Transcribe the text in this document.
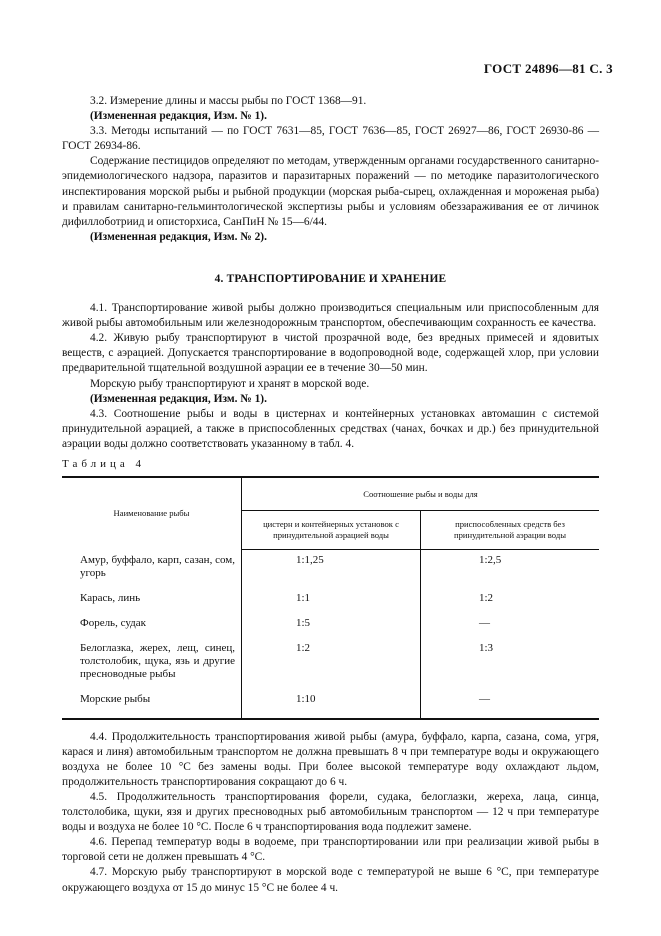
ГОСТ 24896—81 С. 3

3.2. Измерение длины и массы рыбы по ГОСТ 1368—91.

(Измененная редакция, Изм. № 1).

3.3. Методы испытаний — по ГОСТ 7631—85, ГОСТ 7636—85, ГОСТ 26927—86, ГОСТ 26930-86 — ГОСТ 26934-86.

Содержание пестицидов определяют по методам, утвержденным органами государственного санитарно-эпидемиологического надзора, паразитов и паразитарных поражений — по методике паразитологического инспектирования морской рыбы и рыбной продукции (морская рыба-сырец, охлажденная и мороженая рыба) и правилам санитарно-гельминтологической экспертизы рыбы и условиям обеззараживания ее от личинок дифиллоботриид и описторхиса, СанПиН № 15—6/44.

(Измененная редакция, Изм. № 2).

4. ТРАНСПОРТИРОВАНИЕ И ХРАНЕНИЕ

4.1. Транспортирование живой рыбы должно производиться специальным или приспособленным для живой рыбы автомобильным или железнодорожным транспортом, обеспечивающим сохранность ее качества.

4.2. Живую рыбу транспортируют в чистой прозрачной воде, без вредных примесей и ядовитых веществ, с аэрацией. Допускается транспортирование в водопроводной воде, содержащей хлор, при условии предварительной тщательной воздушной аэрации ее в течение 30—50 мин.

Морскую рыбу транспортируют и хранят в морской воде.

(Измененная редакция, Изм. № 1).

4.3. Соотношение рыбы и воды в цистернах и контейнерных установках автомашин с системой принудительной аэрацией, а также в приспособленных средствах (чанах, бочках и др.) без принудительной аэрации воды должно соответствовать указанному в табл. 4.

Таблица 4

Наименование рыбы	Соотношение рыбы и воды для	
	цистерн и контейнерных установок с принудительной аэрацией воды	приспособленных средств без принудительной аэрации воды
Амур, буффало, карп, сазан, сом, угорь	1:1,25	1:2,5
Карась, линь	1:1	1:2
Форель, судак	1:5	—
Белоглазка, жерех, лещ, синец, толстолобик, щука, язь и другие пресноводные рыбы	1:2	1:3
Морские рыбы	1:10	—

4.4. Продолжительность транспортирования живой рыбы (амура, буффало, карпа, сазана, сома, угря, карася и линя) автомобильным транспортом не должна превышать 8 ч при температуре воды и окружающего воздуха не более 10 °С без замены воды. При более высокой температуре воду охлаждают льдом, продолжительность транспортирования сокращают до 6 ч.

4.5. Продолжительность транспортирования форели, судака, белоглазки, жереха, лаца, синца, толстолобика, щуки, язя и других пресноводных рыб автомобильным транспортом — 12 ч при температуре воды и воздуха не более 10 °С. После 6 ч транспортирования вода подлежит замене.

4.6. Перепад температур воды в водоеме, при транспортировании или при реализации живой рыбы в торговой сети не должен превышать 4 °С.

4.7. Морскую рыбу транспортируют в морской воде с температурой не выше 6 °С, при температуре окружающего воздуха от 15 до минус 15 °С не более 4 ч.
